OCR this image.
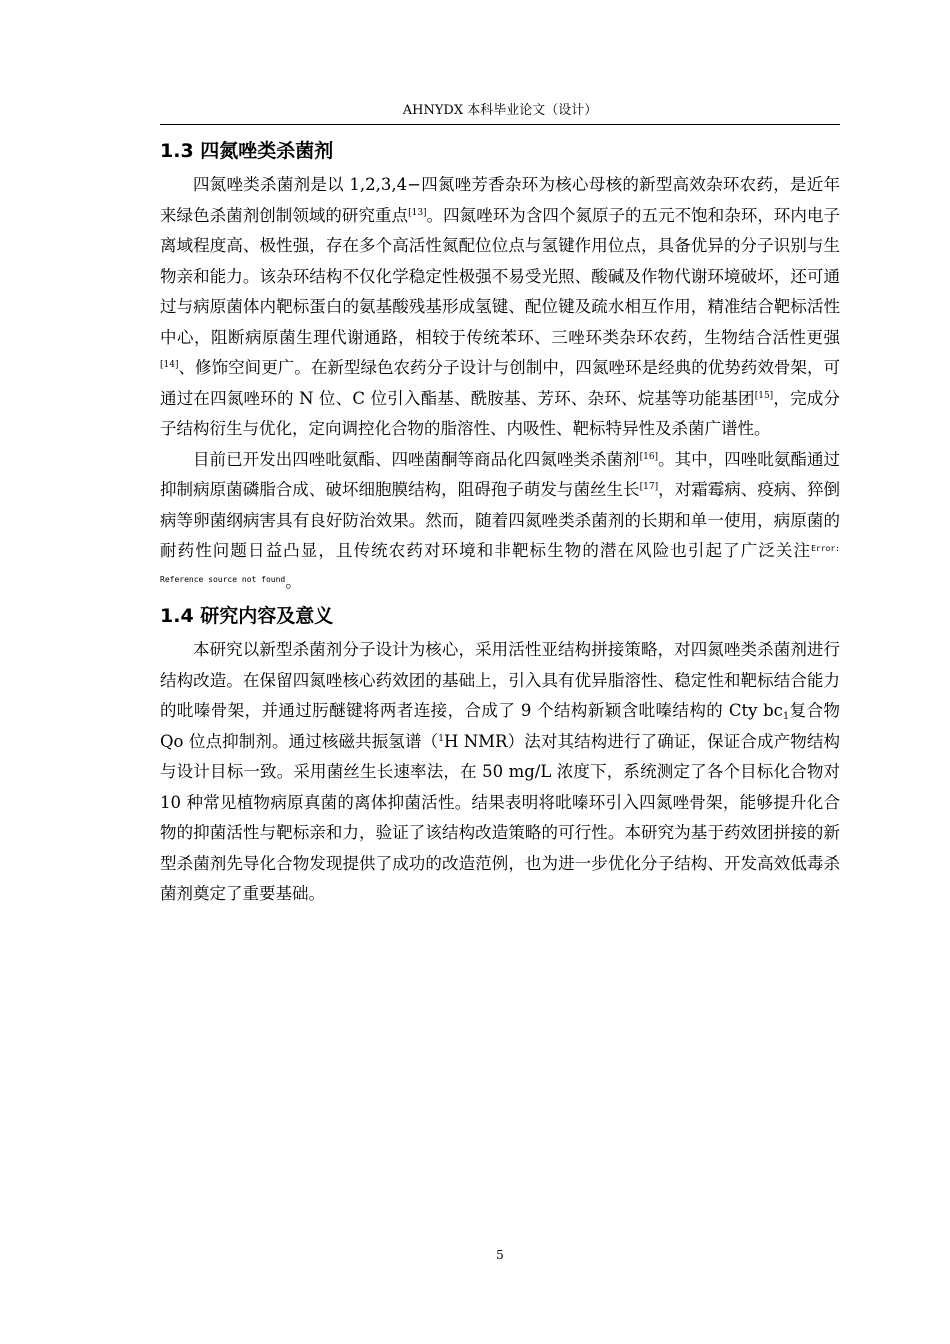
AHNYDX 本科毕业论文（设计）
1.3 四氮唑类杀菌剂

四氮唑类杀菌剂是以 1,2,3,4−四氮唑芳香杂环为核心母核的新型高效杂环农药，是近年来绿色杀菌剂创制领域的研究重点[13]。四氮唑环为含四个氮原子的五元不饱和杂环，环内电子离域程度高、极性强，存在多个高活性氮配位位点与氢键作用位点，具备优异的分子识别与生物亲和能力。该杂环结构不仅化学稳定性极强不易受光照、酸碱及作物代谢环境破坏，还可通过与病原菌体内靶标蛋白的氨基酸残基形成氢键、配位键及疏水相互作用，精准结合靶标活性中心，阻断病原菌生理代谢通路，相较于传统苯环、三唑环类杂环农药，生物结合活性更强[14]、修饰空间更广。在新型绿色农药分子设计与创制中，四氮唑环是经典的优势药效骨架，可通过在四氮唑环的 N 位、C 位引入酯基、酰胺基、芳环、杂环、烷基等功能基团[15]，完成分子结构衍生与优化，定向调控化合物的脂溶性、内吸性、靶标特异性及杀菌广谱性。

目前已开发出四唑吡氨酯、四唑菌酮等商品化四氮唑类杀菌剂[16]。其中，四唑吡氨酯通过抑制病原菌磷脂合成、破坏细胞膜结构，阻碍孢子萌发与菌丝生长[17]，对霜霉病、疫病、猝倒病等卵菌纲病害具有良好防治效果。然而，随着四氮唑类杀菌剂的长期和单一使用，病原菌的耐药性问题日益凸显，且传统农药对环境和非靶标生物的潜在风险也引起了广泛关注$^{Error: Reference source not found}$。

1.4 研究内容及意义

本研究以新型杀菌剂分子设计为核心，采用活性亚结构拼接策略，对四氮唑类杀菌剂进行结构改造。在保留四氮唑核心药效团的基础上，引入具有优异脂溶性、稳定性和靶标结合能力的吡嗪骨架，并通过肟醚键将两者连接，合成了 9 个结构新颖含吡嗪结构的 Cty $bc_1$复合物 Qo 位点抑制剂。通过核磁共振氢谱（$^1$H NMR）法对其结构进行了确证，保证合成产物结构与设计目标一致。采用菌丝生长速率法，在 50 mg/L 浓度下，系统测定了各个目标化合物对 10 种常见植物病原真菌的离体抑菌活性。结果表明将吡嗪环引入四氮唑骨架，能够提升化合物的抑菌活性与靶标亲和力，验证了该结构改造策略的可行性。本研究为基于药效团拼接的新型杀菌剂先导化合物发现提供了成功的改造范例，也为进一步优化分子结构、开发高效低毒杀菌剂奠定了重要基础。

5
